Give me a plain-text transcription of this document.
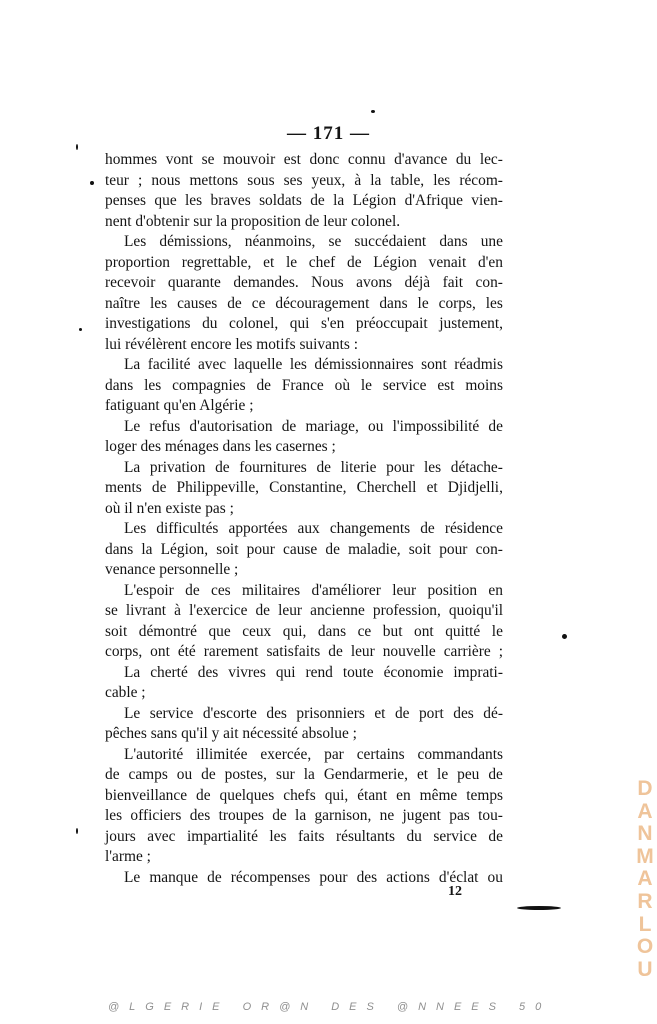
— 171 —
hommes vont se mouvoir est donc connu d'avance du lec-
teur ; nous mettons sous ses yeux, à la table, les récom-
penses que les braves soldats de la Légion d'Afrique vien-
nent d'obtenir sur la proposition de leur colonel.
Les démissions, néanmoins, se succédaient dans une
proportion regrettable, et le chef de Légion venait d'en
recevoir quarante demandes. Nous avons déjà fait con-
naître les causes de ce découragement dans le corps, les
investigations du colonel, qui s'en préoccupait justement,
lui révélèrent encore les motifs suivants :
La facilité avec laquelle les démissionnaires sont réadmis
dans les compagnies de France où le service est moins
fatiguant qu'en Algérie ;
Le refus d'autorisation de mariage, ou l'impossibilité de
loger des ménages dans les casernes ;
La privation de fournitures de literie pour les détache-
ments de Philippeville, Constantine, Cherchell et Djidjelli,
où il n'en existe pas ;
Les difficultés apportées aux changements de résidence
dans la Légion, soit pour cause de maladie, soit pour con-
venance personnelle ;
L'espoir de ces militaires d'améliorer leur position en
se livrant à l'exercice de leur ancienne profession, quoiqu'il
soit démontré que ceux qui, dans ce but ont quitté le
corps, ont été rarement satisfaits de leur nouvelle carrière ;
La cherté des vivres qui rend toute économie imprati-
cable ;
Le service d'escorte des prisonniers et de port des dé-
pêches sans qu'il y ait nécessité absolue ;
L'autorité illimitée exercée, par certains commandants
de camps ou de postes, sur la Gendarmerie, et le peu de
bienveillance de quelques chefs qui, étant en même temps
les officiers des troupes de la garnison, ne jugent pas tou-
jours avec impartialité les faits résultants du service de
l'arme ;
Le manque de récompenses pour des actions d'éclat ou
12
D
A
N
M
A
R
L
O
U
@LGERIE OR@N DES @NNEES 50
